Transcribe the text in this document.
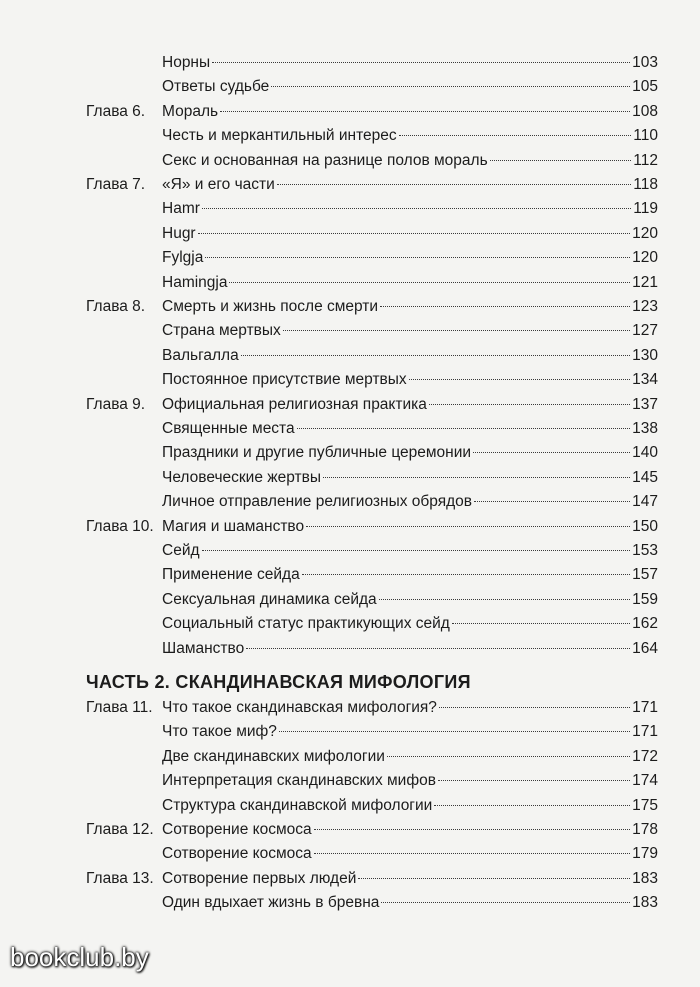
Норны	103
Ответы судьбе	105
Глава 6. Мораль	108
Честь и меркантильный интерес	110
Секс и основанная на разнице полов мораль	112
Глава 7. «Я» и его части	118
Hamr	119
Hugr	120
Fylgja	120
Hamingja	121
Глава 8. Смерть и жизнь после смерти	123
Страна мертвых	127
Вальгалла	130
Постоянное присутствие мертвых	134
Глава 9. Официальная религиозная практика	137
Священные места	138
Праздники и другие публичные церемонии	140
Человеческие жертвы	145
Личное отправление религиозных обрядов	147
Глава 10. Магия и шаманство	150
Сейд	153
Применение сейда	157
Сексуальная динамика сейда	159
Социальный статус практикующих сейд	162
Шаманство	164
Глава 11. Что такое скандинавская мифология?	171
Что такое миф?	171
Две скандинавских мифологии	172
Интерпретация скандинавских мифов	174
Структура скандинавской мифологии	175
Глава 12. Сотворение космоса	178
Сотворение космоса	179
Глава 13. Сотворение первых людей	183
Один вдыхает жизнь в бревна	183
ЧАСТЬ 2. СКАНДИНАВСКАЯ МИФОЛОГИЯ
bookclub.by
